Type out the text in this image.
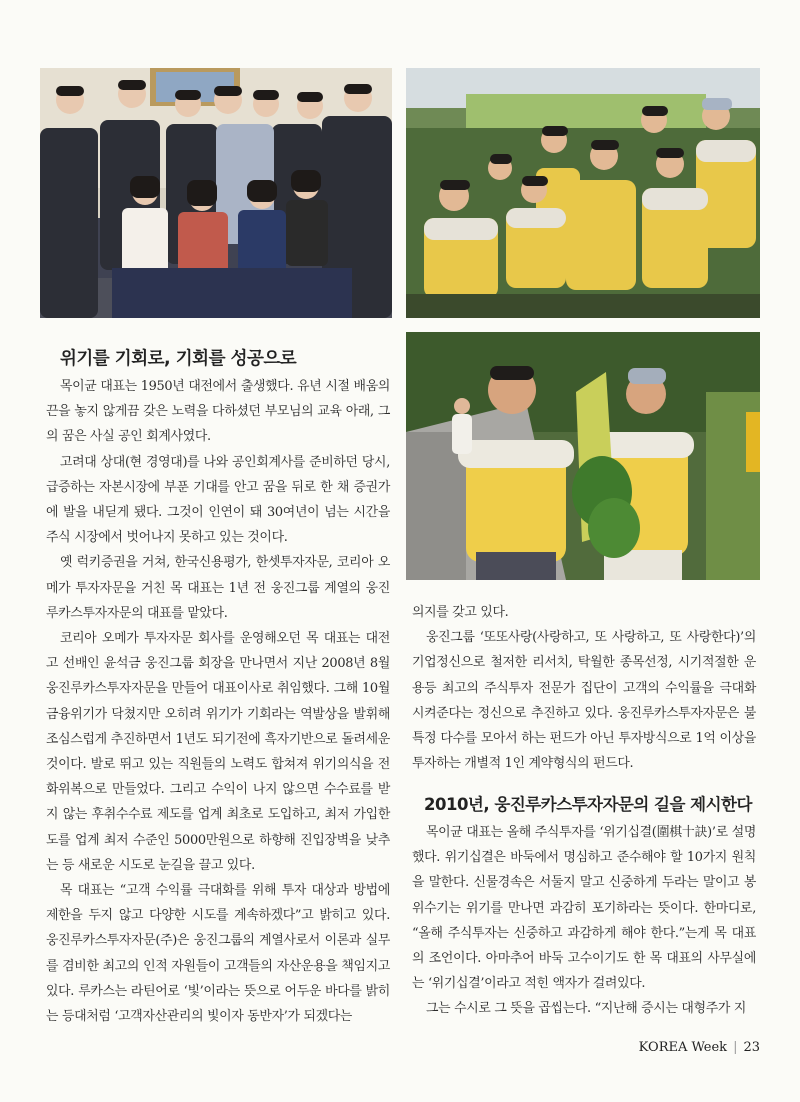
위기를 기회로, 기회를 성공으로

목이균 대표는 1950년 대전에서 출생했다. 유년 시절 배움의 끈을 놓지 않게끔 갖은 노력을 다하셨던 부모님의 교육 아래, 그의 꿈은 사실 공인 회계사였다.

고려대 상대(현 경영대)를 나와 공인회계사를 준비하던 당시, 급증하는 자본시장에 부푼 기대를 안고 꿈을 뒤로 한 채 증권가에 발을 내딛게 됐다. 그것이 인연이 돼 30여년이 넘는 시간을 주식 시장에서 벗어나지 못하고 있는 것이다.

옛 럭키증권을 거쳐, 한국신용평가, 한셋투자자문, 코리아 오메가 투자자문을 거친 목 대표는 1년 전 웅진그룹 계열의 웅진루카스투자자문의 대표를 맡았다.

코리아 오메가 투자자문 회사를 운영해오던 목 대표는 대전고 선배인 윤석금 웅진그룹 회장을 만나면서 지난 2008년 8월 웅진루카스투자자문을 만들어 대표이사로 취임했다. 그해 10월 금융위기가 닥쳤지만 오히려 위기가 기회라는 역발상을 발휘해 조심스럽게 추진하면서 1년도 되기전에 흑자기반으로 돌려세운 것이다. 발로 뛰고 있는 직원들의 노력도 합쳐져 위기의식을 전화위복으로 만들었다. 그리고 수익이 나지 않으면 수수료를 받지 않는 후취수수료 제도를 업계 최초로 도입하고, 최저 가입한도를 업계 최저 수준인 5000만원으로 하향해 진입장벽을 낮추는 등 새로운 시도로 눈길을 끌고 있다.

목 대표는 “고객 수익률 극대화를 위해 투자 대상과 방법에 제한을 두지 않고 다양한 시도를 계속하겠다”고 밝히고 있다. 웅진루카스투자자문(주)은 웅진그룹의 계열사로서 이론과 실무를 겸비한 최고의 인적 자원들이 고객들의 자산운용을 책임지고 있다. 루카스는 라틴어로 ‘빛’이라는 뜻으로 어두운 바다를 밝히는 등대처럼 ‘고객자산관리의 빛이자 동반자’가 되겠다는

의지를 갖고 있다.

웅진그룹 ‘또또사랑(사랑하고, 또 사랑하고, 또 사랑한다)’의 기업정신으로 철저한 리서치, 탁월한 종목선정, 시기적절한 운용등 최고의 주식투자 전문가 집단이 고객의 수익률을 극대화 시켜준다는 정신으로 추진하고 있다. 웅진루카스투자자문은 불특정 다수를 모아서 하는 펀드가 아닌 투자방식으로 1억 이상을 투자하는 개별적 1인 계약형식의 펀드다.

2010년, 웅진루카스투자자문의 길을 제시한다

목이균 대표는 올해 주식투자를 ‘위기십결(圍棋十訣)’로 설명했다. 위기십결은 바둑에서 명심하고 준수해야 할 10가지 원칙을 말한다. 신물경속은 서둘지 말고 신중하게 두라는 말이고 봉위수기는 위기를 만나면 과감히 포기하라는 뜻이다. 한마디로, “올해 주식투자는 신중하고 과감하게 해야 한다.”는게 목 대표의 조언이다. 아마추어 바둑 고수이기도 한 목 대표의 사무실에는 ‘위기십결’이라고 적힌 액자가 걸려있다.

그는 수시로 그 뜻을 곱씹는다. “지난해 증시는 대형주가 지

KOREA Week | 23
